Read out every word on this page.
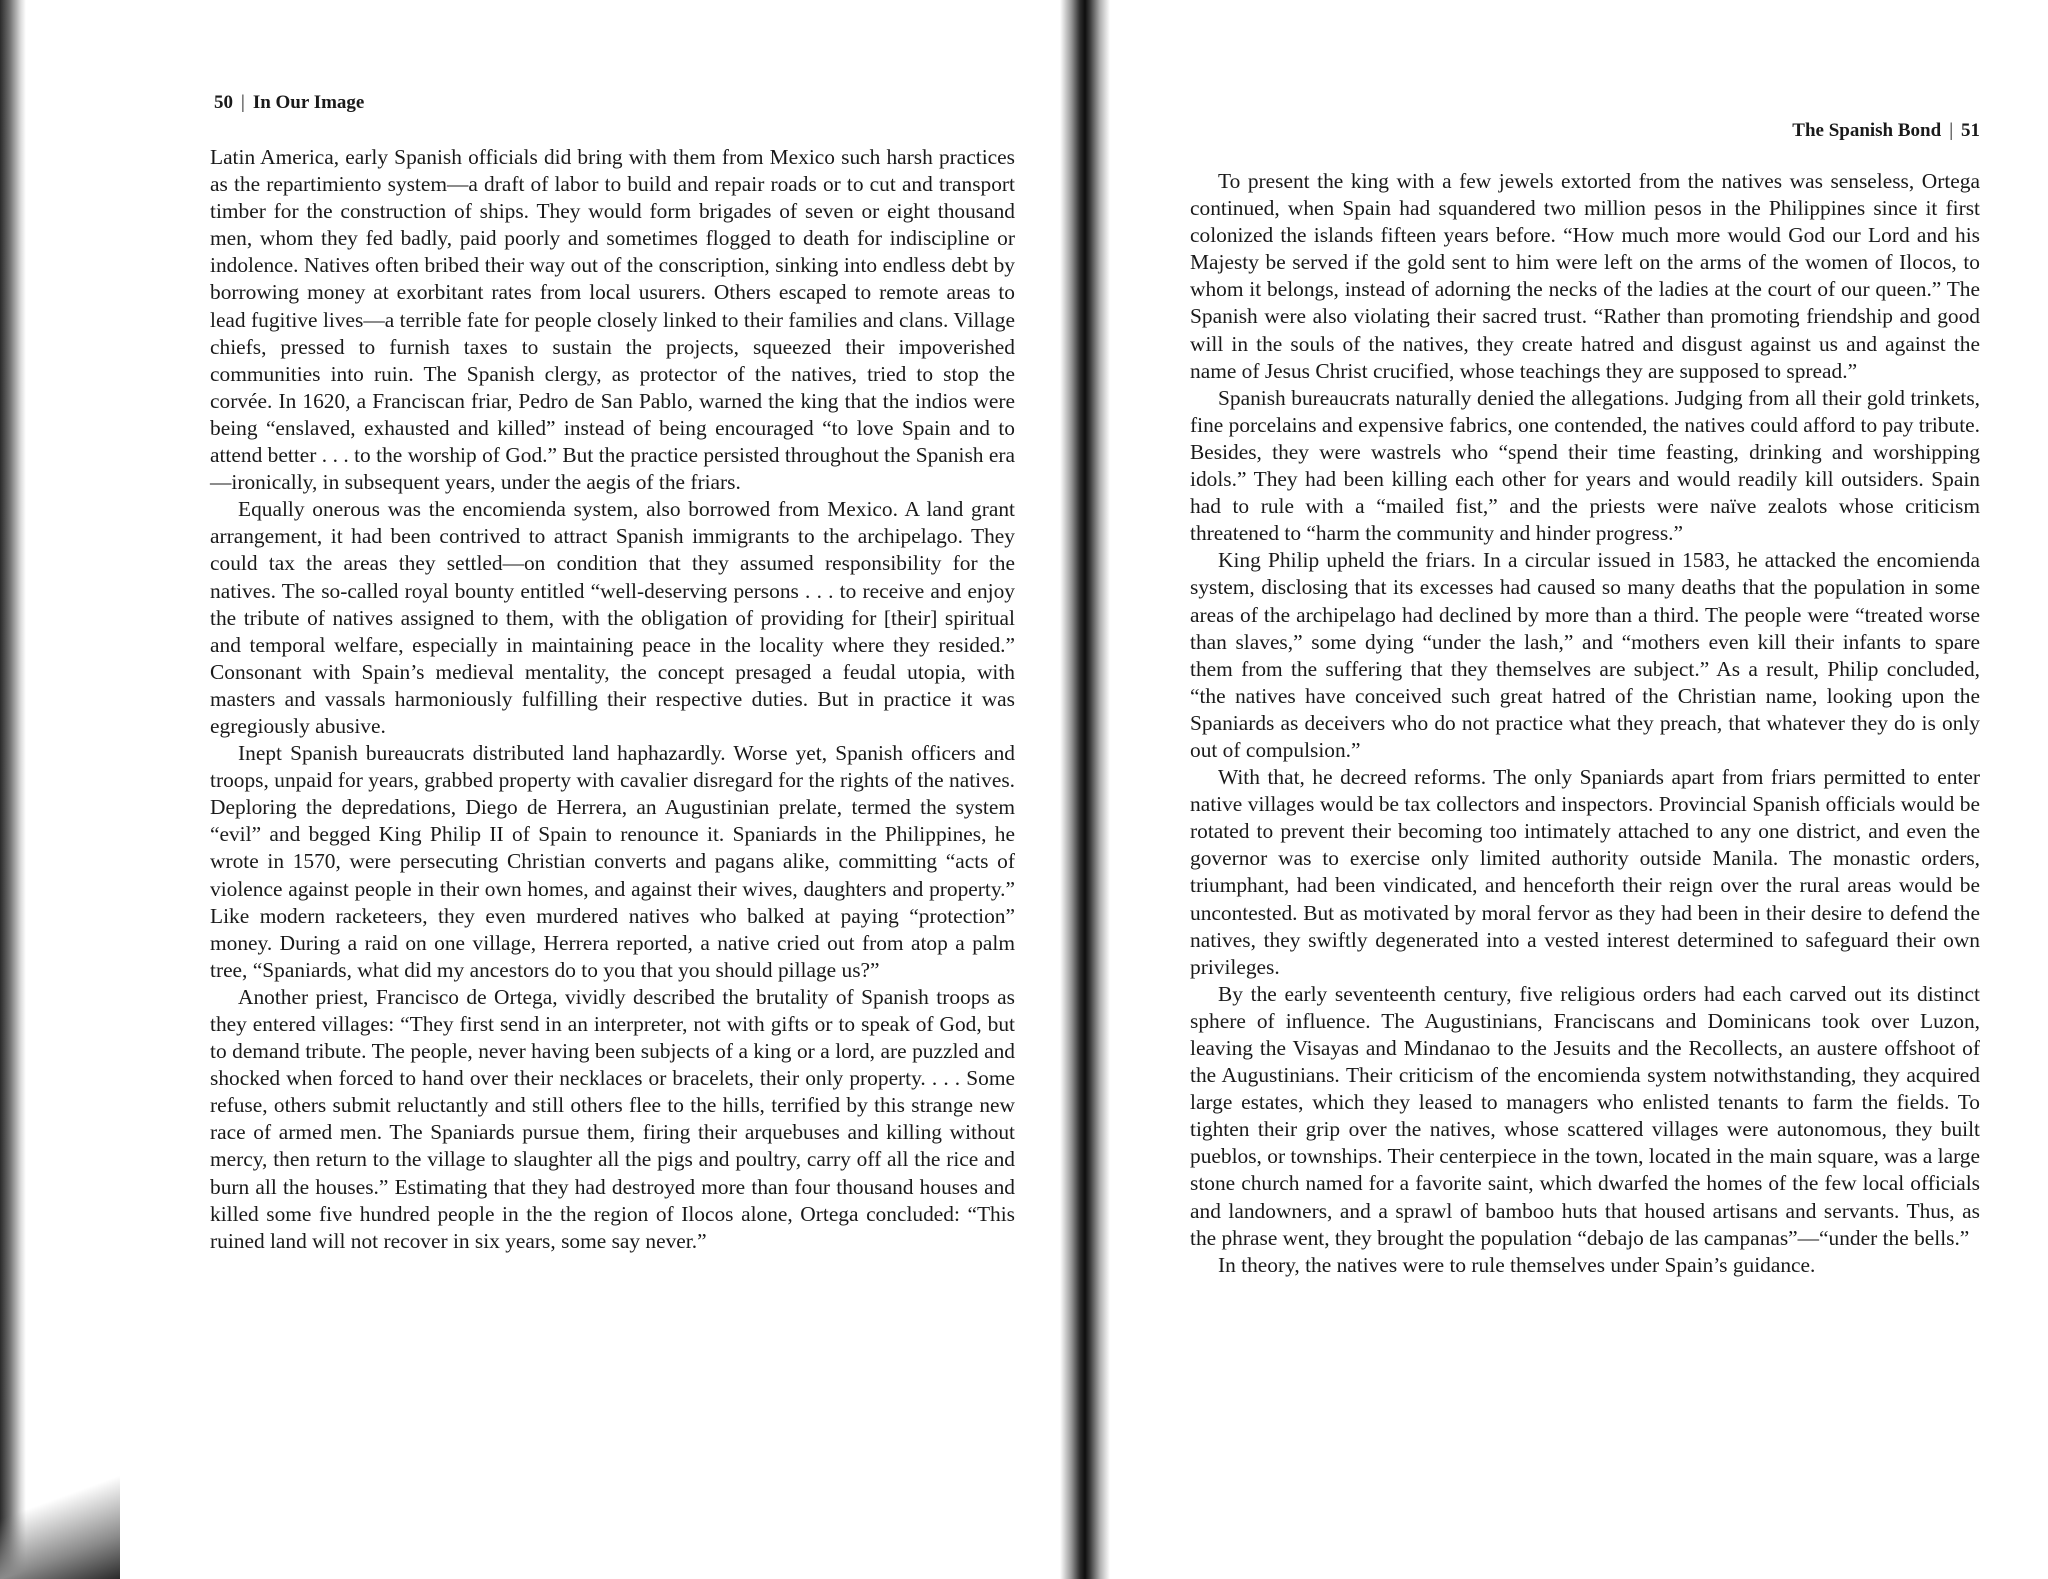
50 | In Our Image

Latin America, early Spanish officials did bring with them from Mexico such harsh practices as the repartimiento system—a draft of labor to build and repair roads or to cut and transport timber for the construction of ships. They would form brigades of seven or eight thousand men, whom they fed badly, paid poorly and sometimes flogged to death for indiscipline or indolence. Natives often bribed their way out of the conscription, sinking into endless debt by borrowing money at exorbitant rates from local usurers. Others escaped to remote areas to lead fugitive lives—a terrible fate for people closely linked to their families and clans. Village chiefs, pressed to furnish taxes to sustain the projects, squeezed their impoverished communities into ruin. The Spanish clergy, as protector of the natives, tried to stop the corvée. In 1620, a Franciscan friar, Pedro de San Pablo, warned the king that the indios were being “enslaved, exhausted and killed” instead of being encouraged “to love Spain and to attend better . . . to the worship of God.” But the practice persisted throughout the Spanish era—ironically, in subsequent years, under the aegis of the friars.

Equally onerous was the encomienda system, also borrowed from Mexico. A land grant arrangement, it had been contrived to attract Spanish immigrants to the archipelago. They could tax the areas they settled—on condition that they assumed responsibility for the natives. The so-called royal bounty entitled “well-deserving persons . . . to receive and enjoy the tribute of natives assigned to them, with the obligation of providing for [their] spiritual and temporal welfare, especially in maintaining peace in the locality where they resided.” Consonant with Spain’s medieval mentality, the concept presaged a feudal utopia, with masters and vassals harmoniously fulfilling their respective duties. But in practice it was egregiously abusive.

Inept Spanish bureaucrats distributed land haphazardly. Worse yet, Spanish officers and troops, unpaid for years, grabbed property with cavalier disregard for the rights of the natives. Deploring the depredations, Diego de Herrera, an Augustinian prelate, termed the system “evil” and begged King Philip II of Spain to renounce it. Spaniards in the Philippines, he wrote in 1570, were persecuting Christian converts and pagans alike, committing “acts of violence against people in their own homes, and against their wives, daughters and property.” Like modern racketeers, they even murdered natives who balked at paying “protection” money. During a raid on one village, Herrera reported, a native cried out from atop a palm tree, “Spaniards, what did my ancestors do to you that you should pillage us?”

Another priest, Francisco de Ortega, vividly described the brutality of Spanish troops as they entered villages: “They first send in an interpreter, not with gifts or to speak of God, but to demand tribute. The people, never having been subjects of a king or a lord, are puzzled and shocked when forced to hand over their necklaces or bracelets, their only property. . . . Some refuse, others submit reluctantly and still others flee to the hills, terrified by this strange new race of armed men. The Spaniards pursue them, firing their arquebuses and killing without mercy, then return to the village to slaughter all the pigs and poultry, carry off all the rice and burn all the houses.” Estimating that they had destroyed more than four thousand houses and killed some five hundred people in the the region of Ilocos alone, Ortega concluded: “This ruined land will not recover in six years, some say never.”

The Spanish Bond | 51

To present the king with a few jewels extorted from the natives was senseless, Ortega continued, when Spain had squandered two million pesos in the Philippines since it first colonized the islands fifteen years before. “How much more would God our Lord and his Majesty be served if the gold sent to him were left on the arms of the women of Ilocos, to whom it belongs, instead of adorning the necks of the ladies at the court of our queen.” The Spanish were also violating their sacred trust. “Rather than promoting friendship and good will in the souls of the natives, they create hatred and disgust against us and against the name of Jesus Christ crucified, whose teachings they are supposed to spread.”

Spanish bureaucrats naturally denied the allegations. Judging from all their gold trinkets, fine porcelains and expensive fabrics, one contended, the natives could afford to pay tribute. Besides, they were wastrels who “spend their time feasting, drinking and worshipping idols.” They had been killing each other for years and would readily kill outsiders. Spain had to rule with a “mailed fist,” and the priests were naïve zealots whose criticism threatened to “harm the community and hinder progress.”

King Philip upheld the friars. In a circular issued in 1583, he attacked the encomienda system, disclosing that its excesses had caused so many deaths that the population in some areas of the archipelago had declined by more than a third. The people were “treated worse than slaves,” some dying “under the lash,” and “mothers even kill their infants to spare them from the suffering that they themselves are subject.” As a result, Philip concluded, “the natives have conceived such great hatred of the Christian name, looking upon the Spaniards as deceivers who do not practice what they preach, that whatever they do is only out of compulsion.”

With that, he decreed reforms. The only Spaniards apart from friars permitted to enter native villages would be tax collectors and inspectors. Provincial Spanish officials would be rotated to prevent their becoming too intimately attached to any one district, and even the governor was to exercise only limited authority outside Manila. The monastic orders, triumphant, had been vindicated, and henceforth their reign over the rural areas would be uncontested. But as motivated by moral fervor as they had been in their desire to defend the natives, they swiftly degenerated into a vested interest determined to safeguard their own privileges.

By the early seventeenth century, five religious orders had each carved out its distinct sphere of influence. The Augustinians, Franciscans and Dominicans took over Luzon, leaving the Visayas and Mindanao to the Jesuits and the Recollects, an austere offshoot of the Augustinians. Their criticism of the encomienda system notwithstanding, they acquired large estates, which they leased to managers who enlisted tenants to farm the fields. To tighten their grip over the natives, whose scattered villages were autonomous, they built pueblos, or townships. Their centerpiece in the town, located in the main square, was a large stone church named for a favorite saint, which dwarfed the homes of the few local officials and landowners, and a sprawl of bamboo huts that housed artisans and servants. Thus, as the phrase went, they brought the population “debajo de las campanas”—“under the bells.”

In theory, the natives were to rule themselves under Spain’s guidance.
